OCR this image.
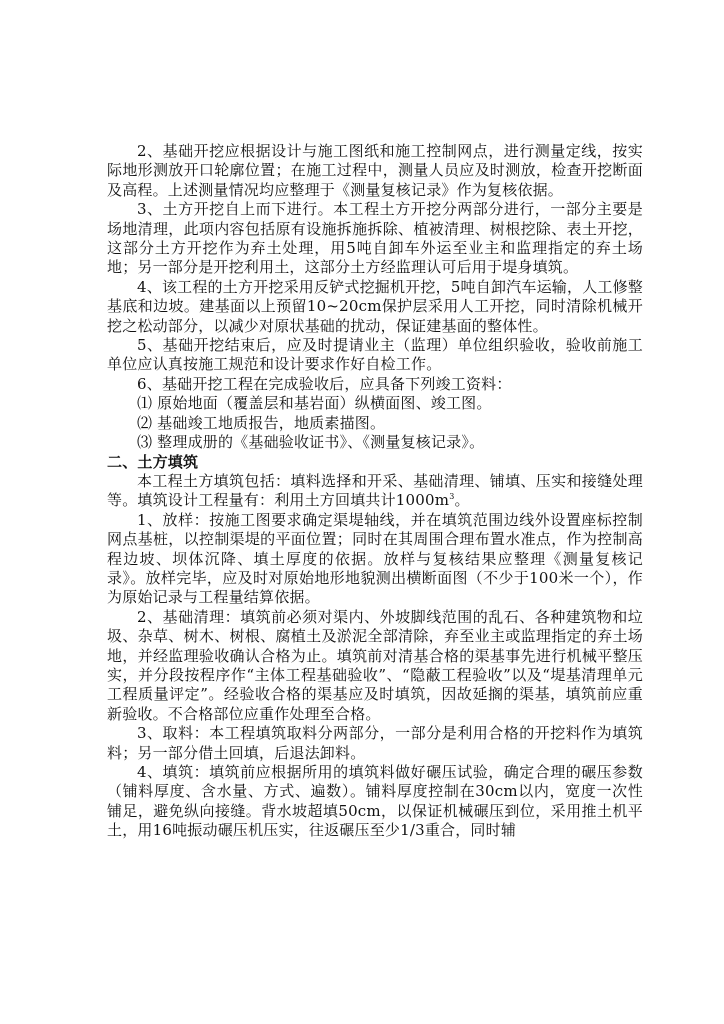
2、基础开挖应根据设计与施工图纸和施工控制网点，进行测量定线，按实际地形测放开口轮廓位置；在施工过程中，测量人员应及时测放，检查开挖断面及高程。上述测量情况均应整理于《测量复核记录》作为复核依据。

3、土方开挖自上而下进行。本工程土方开挖分两部分进行，一部分主要是场地清理，此项内容包括原有设施拆施拆除、植被清理、树根挖除、表土开挖，这部分土方开挖作为弃土处理，用5吨自卸车外运至业主和监理指定的弃土场地；另一部分是开挖利用土，这部分土方经监理认可后用于堤身填筑。

4、该工程的土方开挖采用反铲式挖掘机开挖，5吨自卸汽车运输，人工修整基底和边坡。建基面以上预留10~20cm保护层采用人工开挖，同时清除机械开挖之松动部分，以减少对原状基础的扰动，保证建基面的整体性。

5、基础开挖结束后，应及时提请业主（监理）单位组织验收，验收前施工单位应认真按施工规范和设计要求作好自检工作。

6、基础开挖工程在完成验收后，应具备下列竣工资料：

⑴ 原始地面（覆盖层和基岩面）纵横面图、竣工图。

⑵ 基础竣工地质报告，地质素描图。

⑶ 整理成册的《基础验收证书》、《测量复核记录》。

二、土方填筑

本工程土方填筑包括：填料选择和开采、基础清理、铺填、压实和接缝处理等。填筑设计工程量有：利用土方回填共计$1000m^3$。

1、放样：按施工图要求确定渠堤轴线，并在填筑范围边线外设置座标控制网点基桩，以控制渠堤的平面位置；同时在其周围合理布置水准点，作为控制高程边坡、坝体沉降、填土厚度的依据。放样与复核结果应整理《测量复核记录》。放样完毕，应及时对原始地形地貌测出横断面图（不少于100米一个），作为原始记录与工程量结算依据。

2、基础清理：填筑前必须对渠内、外坡脚线范围的乱石、各种建筑物和垃圾、杂草、树木、树根、腐植土及淤泥全部清除，弃至业主或监理指定的弃土场地，并经监理验收确认合格为止。填筑前对清基合格的渠基事先进行机械平整压实，并分段按程序作“主体工程基础验收”、“隐蔽工程验收”以及“堤基清理单元工程质量评定”。经验收合格的渠基应及时填筑，因故延搁的渠基，填筑前应重新验收。不合格部位应重作处理至合格。

3、取料：本工程填筑取料分两部分，一部分是利用合格的开挖料作为填筑料；另一部分借土回填，后退法卸料。

4、填筑：填筑前应根据所用的填筑料做好碾压试验，确定合理的碾压参数（铺料厚度、含水量、方式、遍数）。铺料厚度控制在30cm以内，宽度一次性铺足，避免纵向接缝。背水坡超填50cm，以保证机械碾压到位，采用推土机平土，用16吨振动碾压机压实，往返碾压至少1/3重合，同时辅
